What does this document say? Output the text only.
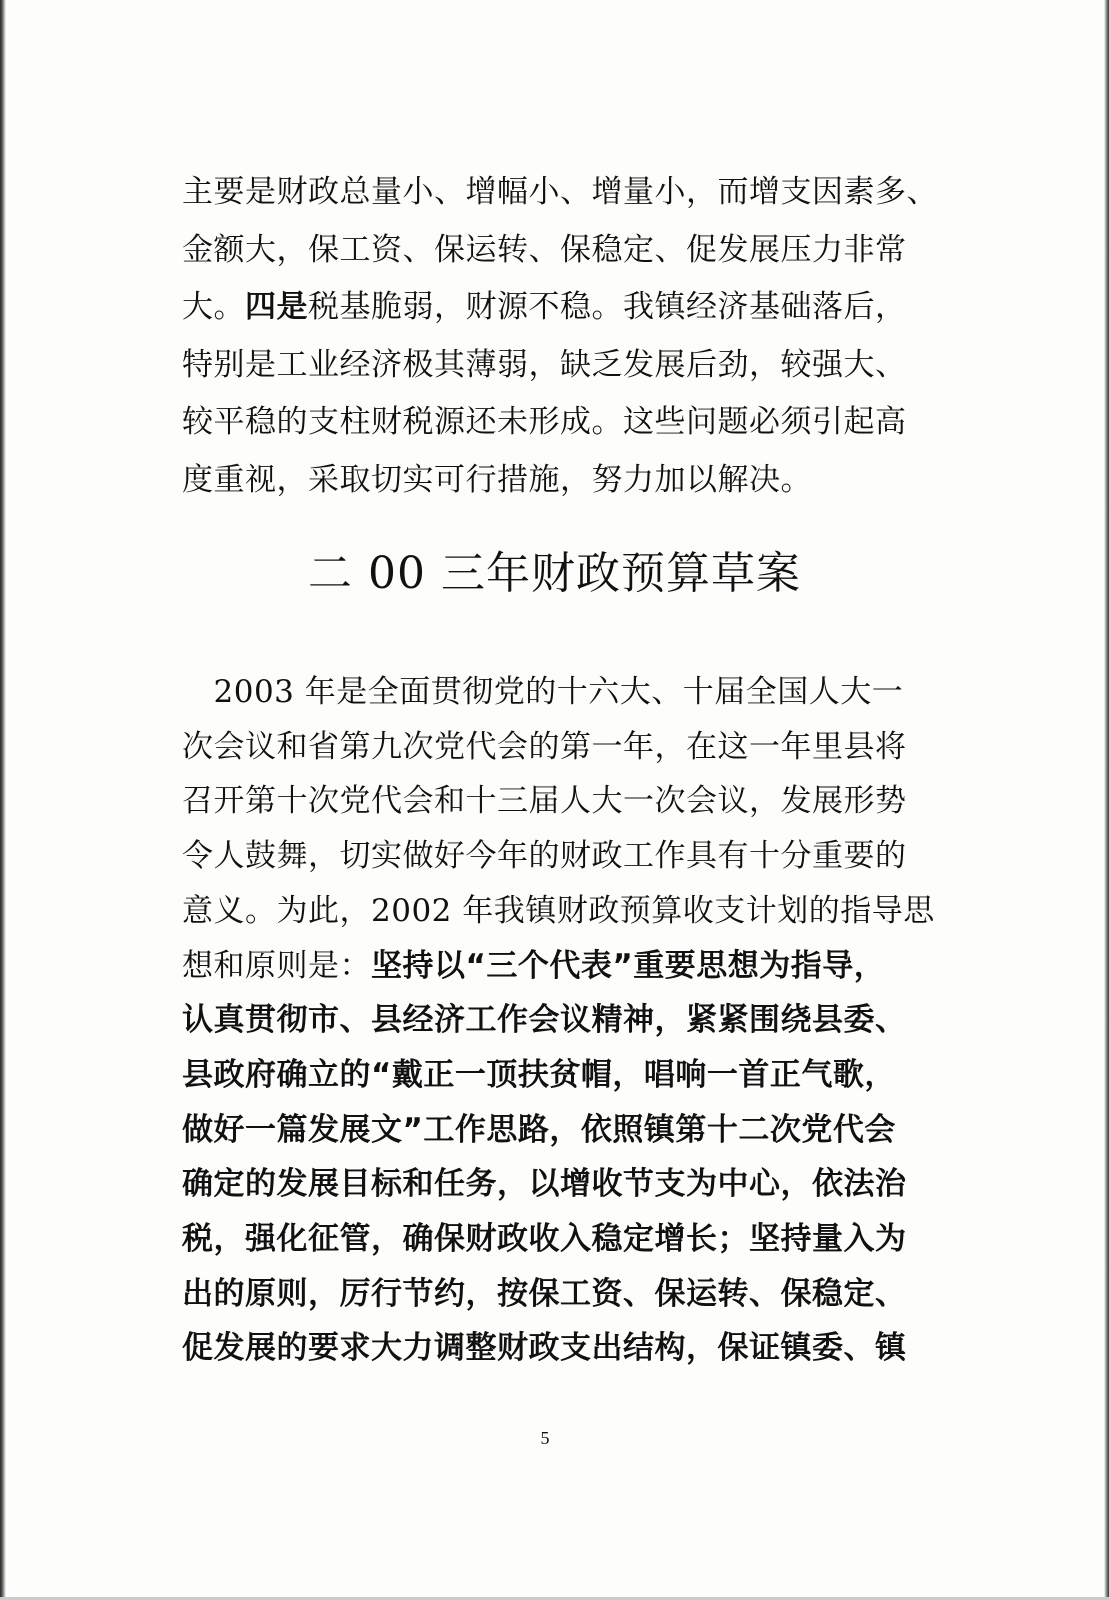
主要是财政总量小、增幅小、增量小，而增支因素多、
金额大，保工资、保运转、保稳定、促发展压力非常
大。四是税基脆弱，财源不稳。我镇经济基础落后，
特别是工业经济极其薄弱，缺乏发展后劲，较强大、
较平稳的支柱财税源还未形成。这些问题必须引起高
度重视，采取切实可行措施，努力加以解决。
二 00 三年财政预算草案
　2003 年是全面贯彻党的十六大、十届全国人大一
次会议和省第九次党代会的第一年，在这一年里县将
召开第十次党代会和十三届人大一次会议，发展形势
令人鼓舞，切实做好今年的财政工作具有十分重要的
意义。为此，2002 年我镇财政预算收支计划的指导思
想和原则是：坚持以“三个代表”重要思想为指导，
认真贯彻市、县经济工作会议精神，紧紧围绕县委、
县政府确立的“戴正一顶扶贫帽，唱响一首正气歌，
做好一篇发展文”工作思路，依照镇第十二次党代会
确定的发展目标和任务，以增收节支为中心，依法治
税，强化征管，确保财政收入稳定增长；坚持量入为
出的原则，厉行节约，按保工资、保运转、保稳定、
促发展的要求大力调整财政支出结构，保证镇委、镇
5
